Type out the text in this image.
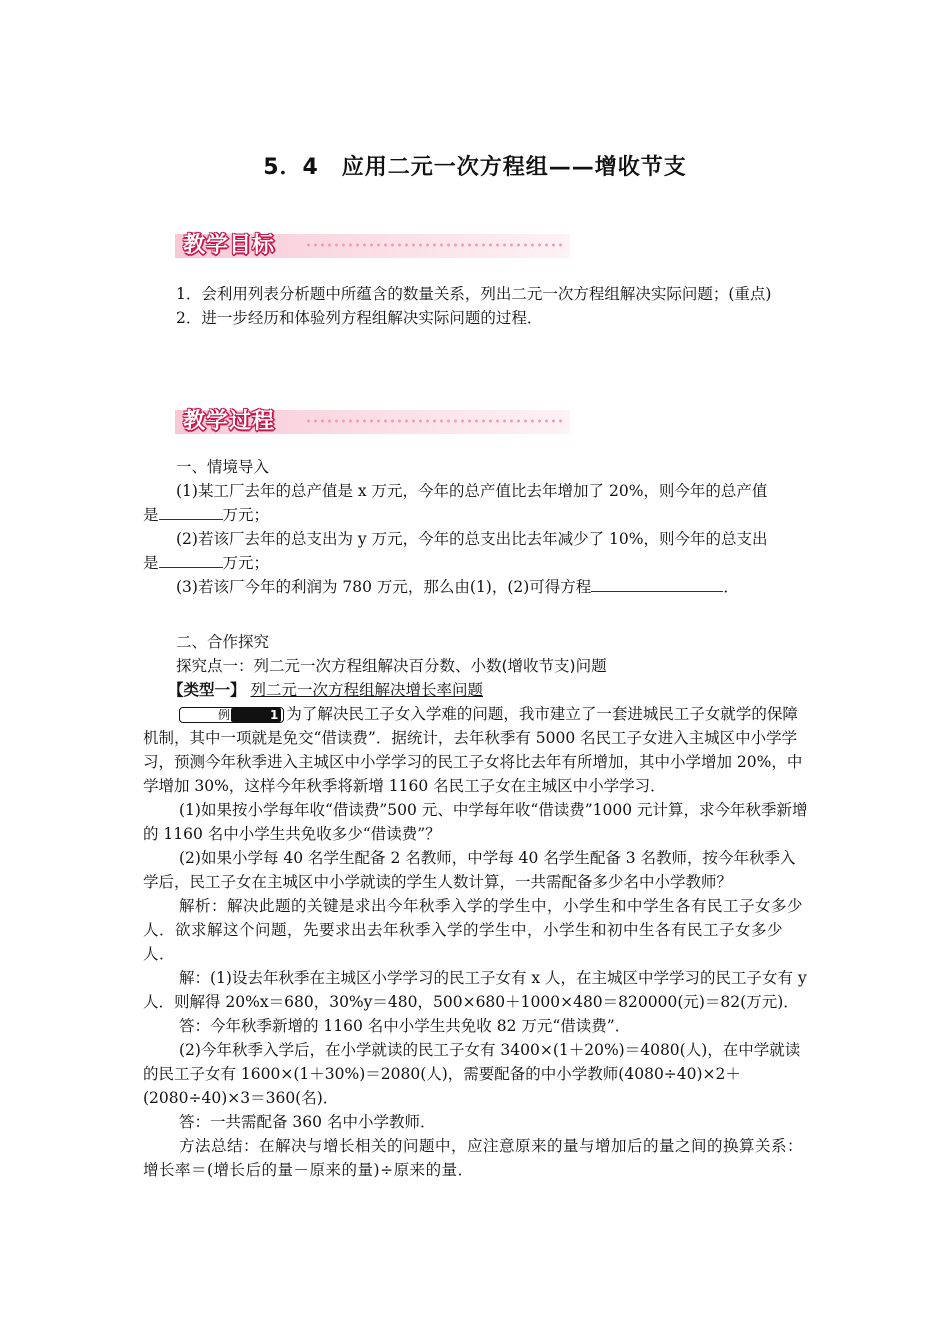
5．4　应用二元一次方程组——增收节支
教学目标

1．会利用列表分析题中所蕴含的数量关系，列出二元一次方程组解决实际问题；(重点)

2．进一步经历和体验列方程组解决实际问题的过程．

教学过程

一、情境导入

(1)某工厂去年的总产值是 x 万元，今年的总产值比去年增加了 20%，则今年的总产值
是	万元；

(2)若该厂去年的总支出为 y 万元，今年的总支出比去年减少了 10%，则今年的总支出
是	万元；

(3)若该厂今年的利润为 780 万元，那么由(1)，(2)可得方程	．

二、合作探究

探究点一：列二元一次方程组解决百分数、小数(增收节支)问题

【类型一】 列二元一次方程组解决增长率问题

例	1 为了解决民工子女入学难的问题，我市建立了一套进城民工子女就学的保障机制，其中一项就是免交“借读费”．据统计，去年秋季有 5000 名民工子女进入主城区中小学学习，预测今年秋季进入主城区中小学学习的民工子女将比去年有所增加，其中小学增加 20%，中学增加 30%，这样今年秋季将新增 1160 名民工子女在主城区中小学学习．

(1)如果按小学每年收“借读费”500 元、中学每年收“借读费”1000 元计算，求今年秋季新增的 1160 名中小学生共免收多少“借读费”？

(2)如果小学每 40 名学生配备 2 名教师，中学每 40 名学生配备 3 名教师，按今年秋季入学后，民工子女在主城区中小学就读的学生人数计算，一共需配备多少名中小学教师？

解析：解决此题的关键是求出今年秋季入学的学生中，小学生和中学生各有民工子女多少人．欲求解这个问题，先要求出去年秋季入学的学生中，小学生和初中生各有民工子女多少人．

解：(1)设去年秋季在主城区小学学习的民工子女有 x 人，在主城区中学学习的民工子女有 y 人．则解得 20%x＝680，30%y＝480，500×680＋1000×480＝820000(元)＝82(万元)．

答：今年秋季新增的 1160 名中小学生共免收 82 万元“借读费”．

(2)今年秋季入学后，在小学就读的民工子女有 3400×(1＋20%)＝4080(人)，在中学就读的民工子女有 1600×(1＋30%)＝2080(人)，需要配备的中小学教师(4080÷40)×2＋(2080÷40)×3＝360(名)．

答：一共需配备 360 名中小学教师．

方法总结：在解决与增长相关的问题中，应注意原来的量与增加后的量之间的换算关系：增长率＝(增长后的量－原来的量)÷原来的量．
